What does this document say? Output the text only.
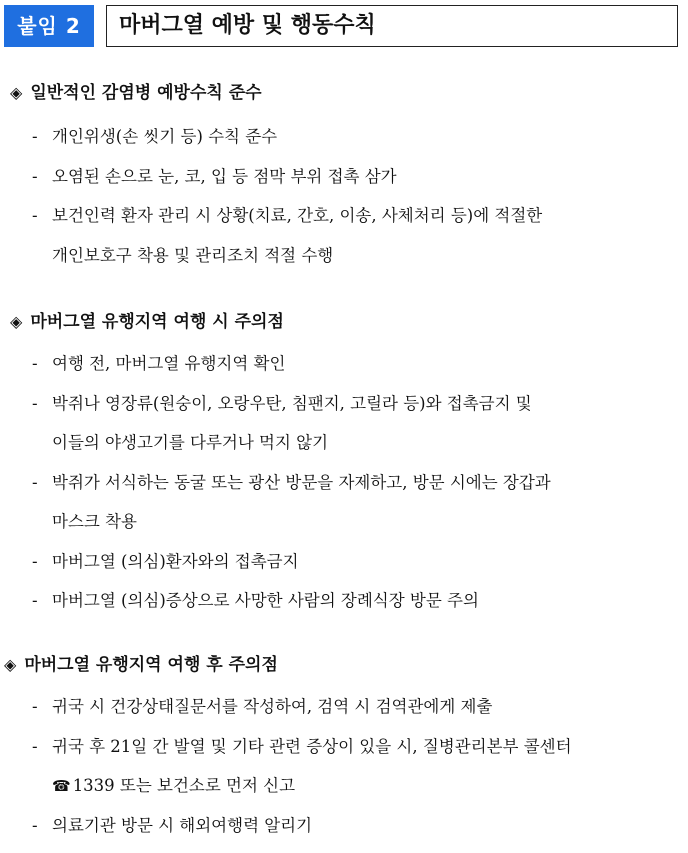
붙임 2	마버그열 예방 및 행동수칙
◈ 일반적인 감염병 예방수칙 준수
- 개인위생(손 씻기 등) 수칙 준수
- 오염된 손으로 눈, 코, 입 등 점막 부위 접촉 삼가
- 보건인력 환자 관리 시 상황(치료, 간호, 이송, 사체처리 등)에 적절한
개인보호구 착용 및 관리조치 적절 수행
◈ 마버그열 유행지역 여행 시 주의점
- 여행 전, 마버그열 유행지역 확인
- 박쥐나 영장류(원숭이, 오랑우탄, 침팬지, 고릴라 등)와 접촉금지 및
이들의 야생고기를 다루거나 먹지 않기
- 박쥐가 서식하는 동굴 또는 광산 방문을 자제하고, 방문 시에는 장갑과
마스크 착용
- 마버그열 (의심)환자와의 접촉금지
- 마버그열 (의심)증상으로 사망한 사람의 장례식장 방문 주의
◈ 마버그열 유행지역 여행 후 주의점
- 귀국 시 건강상태질문서를 작성하여, 검역 시 검역관에게 제출
- 귀국 후 21일 간 발열 및 기타 관련 증상이 있을 시, 질병관리본부 콜센터
☎ 1339 또는 보건소로 먼저 신고
- 의료기관 방문 시 해외여행력 알리기
